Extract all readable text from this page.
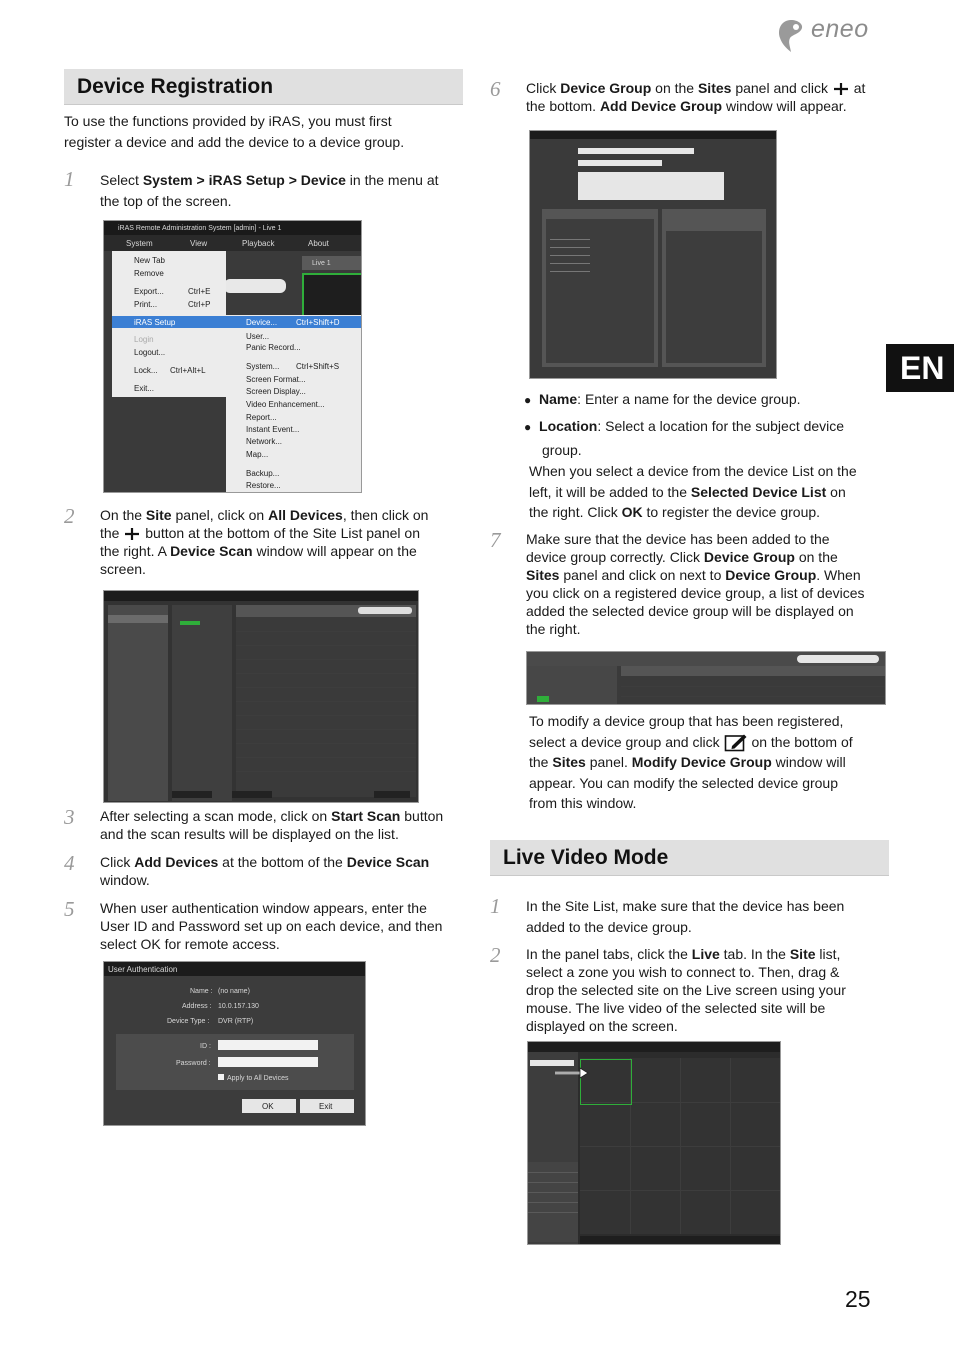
eneo
EN
Device Registration
To use the functions provided by iRAS, you must first
register a device and add the device to a device group.
1 Select System > iRAS Setup > Device in the menu at
the top of the screen.
iRAS Remote Administration System [admin] - Live 1
System	View	Playback	About
Live 1
New Tab
Remove
Export...	Ctrl+E
Print...	Ctrl+P
iRAS Setup
Login
Logout...
Lock... Ctrl+Alt+L
Exit...
Device... Ctrl+Shift+D
User...
Panic Record...
System... Ctrl+Shift+S
Screen Format...
Screen Display...
Video Enhancement...
Report...
Instant Event...
Network...
Map...
Backup...
Restore...
2 On the Site panel, click on All Devices, then click on
the  button at the bottom of the Site List panel on
the right. A Device Scan window will appear on the
screen.
3 After selecting a scan mode, click on Start Scan button
and the scan results will be displayed on the list.
4 Click Add Devices at the bottom of the Device Scan
window.
5 When user authentication window appears, enter the
User ID and Password set up on each device, and then
select OK for remote access.
User Authentication
Name : (no name)
Address : 10.0.157.130
Device Type : DVR (RTP)
ID :
Password :
Apply to All Devices
OK	Exit
6 Click Device Group on the Sites panel and click  at
the bottom. Add Device Group window will appear.
● Name: Enter a name for the device group.
● Location: Select a location for the subject device
group.
When you select a device from the device List on the
left, it will be added to the Selected Device List on
the right. Click OK to register the device group.
7 Make sure that the device has been added to the
device group correctly. Click Device Group on the
Sites panel and click on next to Device Group. When
you click on a registered device group, a list of devices
added the selected device group will be displayed on
the right.
To modify a device group that has been registered,
select a device group and click  on the bottom of
the Sites panel. Modify Device Group window will
appear. You can modify the selected device group
from this window.
Live Video Mode
1 In the Site List, make sure that the device has been
added to the device group.
2 In the panel tabs, click the Live tab. In the Site list,
select a zone you wish to connect to. Then, drag &
drop the selected site on the Live screen using your
mouse. The live video of the selected site will be
displayed on the screen.
25
